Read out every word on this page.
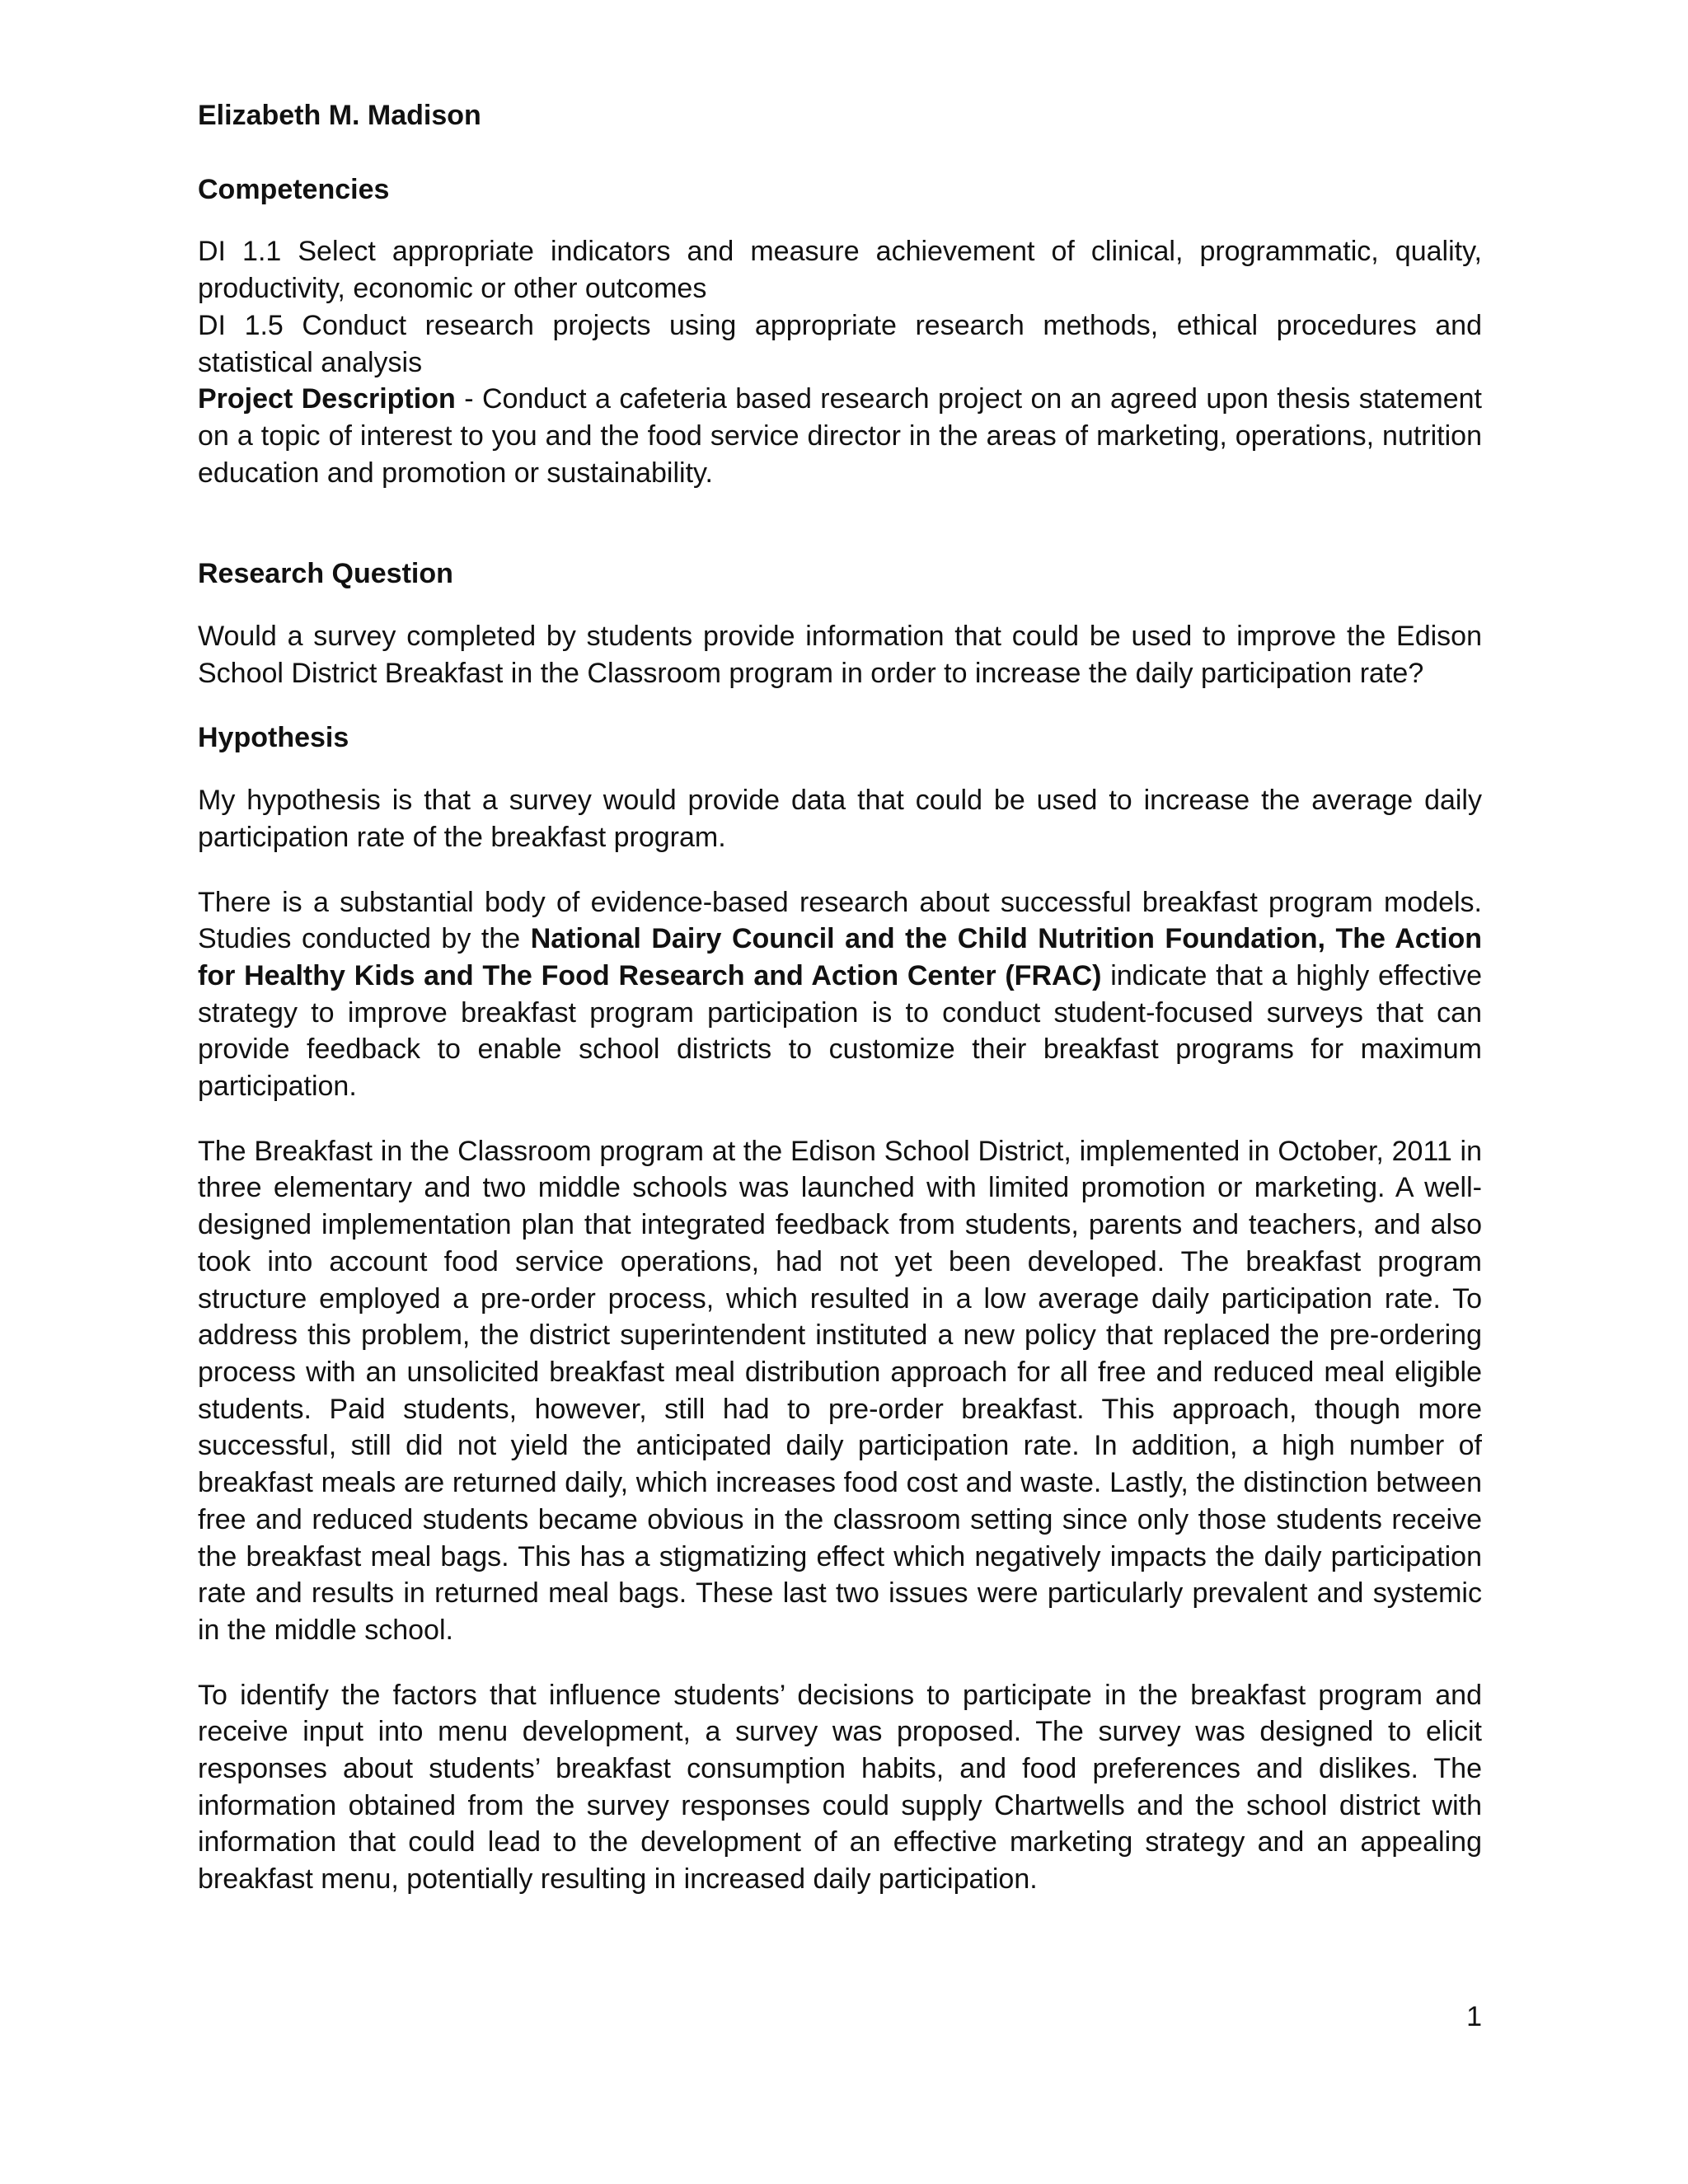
Elizabeth M. Madison

Competencies

DI 1.1 Select appropriate indicators and measure achievement of clinical, programmatic, quality, productivity, economic or other outcomes

DI 1.5 Conduct research projects using appropriate research methods, ethical procedures and statistical analysis

Project Description - Conduct a cafeteria based research project on an agreed upon thesis statement on a topic of interest to you and the food service director in the areas of marketing, operations, nutrition education and promotion or sustainability.

Research Question

Would a survey completed by students provide information that could be used to improve the Edison School District Breakfast in the Classroom program in order to increase the daily participation rate?

Hypothesis

My hypothesis is that a survey would provide data that could be used to increase the average daily participation rate of the breakfast program.

There is a substantial body of evidence-based research about successful breakfast program models. Studies conducted by the National Dairy Council and the Child Nutrition Foundation, The Action for Healthy Kids and The Food Research and Action Center (FRAC) indicate that a highly effective strategy to improve breakfast program participation is to conduct student-focused surveys that can provide feedback to enable school districts to customize their breakfast programs for maximum participation.

The Breakfast in the Classroom program at the Edison School District, implemented in October, 2011 in three elementary and two middle schools was launched with limited promotion or marketing. A well-designed implementation plan that integrated feedback from students, parents and teachers, and also took into account food service operations, had not yet been developed. The breakfast program structure employed a pre-order process, which resulted in a low average daily participation rate. To address this problem, the district superintendent instituted a new policy that replaced the pre-ordering process with an unsolicited breakfast meal distribution approach for all free and reduced meal eligible students. Paid students, however, still had to pre-order breakfast. This approach, though more successful, still did not yield the anticipated daily participation rate. In addition, a high number of breakfast meals are returned daily, which increases food cost and waste. Lastly, the distinction between free and reduced students became obvious in the classroom setting since only those students receive the breakfast meal bags. This has a stigmatizing effect which negatively impacts the daily participation rate and results in returned meal bags. These last two issues were particularly prevalent and systemic in the middle school.

To identify the factors that influence students’ decisions to participate in the breakfast program and receive input into menu development, a survey was proposed. The survey was designed to elicit responses about students’ breakfast consumption habits, and food preferences and dislikes. The information obtained from the survey responses could supply Chartwells and the school district with information that could lead to the development of an effective marketing strategy and an appealing breakfast menu, potentially resulting in increased daily participation.

1
